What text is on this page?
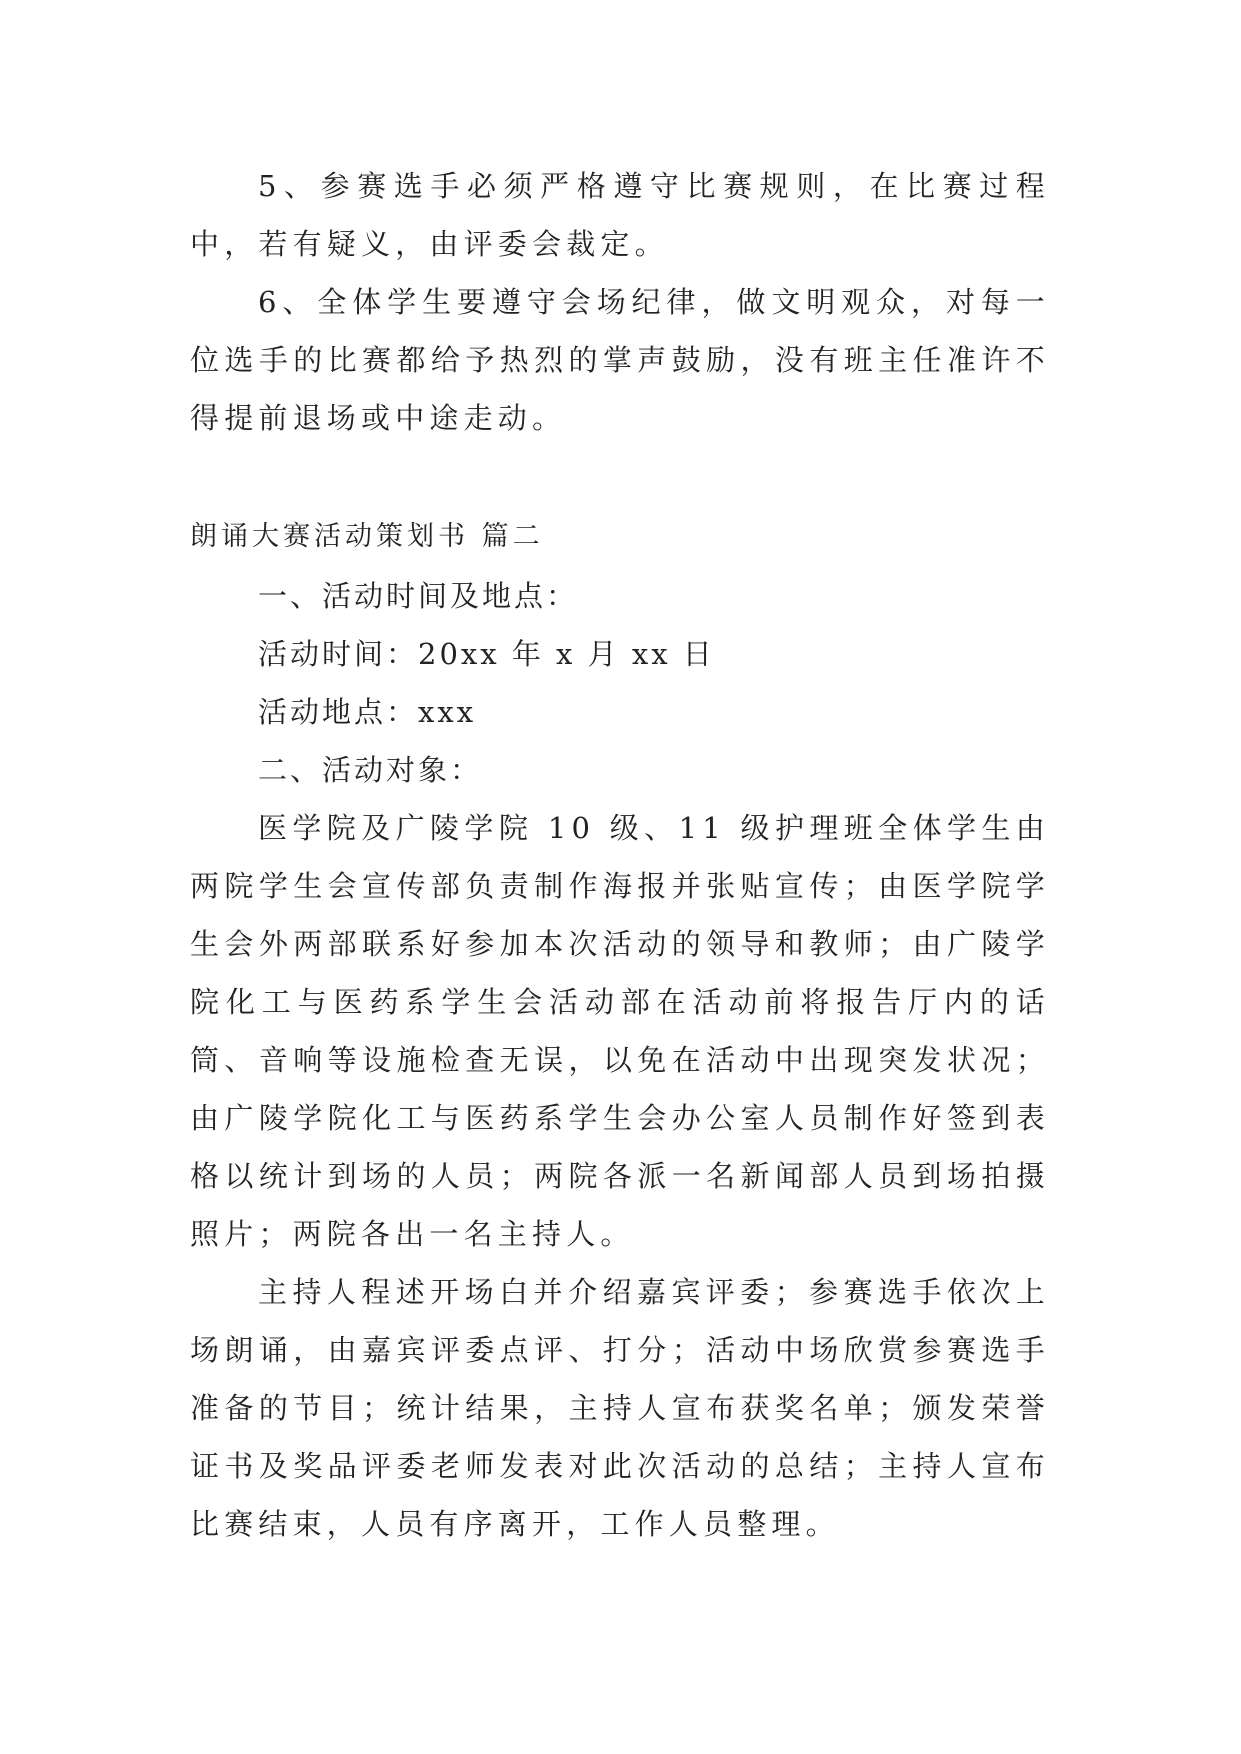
5、参赛选手必须严格遵守比赛规则，在比赛过程中，若有疑义，由评委会裁定。

6、全体学生要遵守会场纪律，做文明观众，对每一位选手的比赛都给予热烈的掌声鼓励，没有班主任准许不得提前退场或中途走动。

朗诵大赛活动策划书 篇二

一、活动时间及地点：

活动时间：20xx 年 x 月 xx 日

活动地点：xxx

二、活动对象：

医学院及广陵学院 10 级、11 级护理班全体学生由两院学生会宣传部负责制作海报并张贴宣传；由医学院学生会外两部联系好参加本次活动的领导和教师；由广陵学院化工与医药系学生会活动部在活动前将报告厅内的话筒、音响等设施检查无误，以免在活动中出现突发状况；由广陵学院化工与医药系学生会办公室人员制作好签到表格以统计到场的人员；两院各派一名新闻部人员到场拍摄照片；两院各出一名主持人。

主持人程述开场白并介绍嘉宾评委；参赛选手依次上场朗诵，由嘉宾评委点评、打分；活动中场欣赏参赛选手准备的节目；统计结果，主持人宣布获奖名单；颁发荣誉证书及奖品评委老师发表对此次活动的总结；主持人宣布比赛结束，人员有序离开，工作人员整理。
